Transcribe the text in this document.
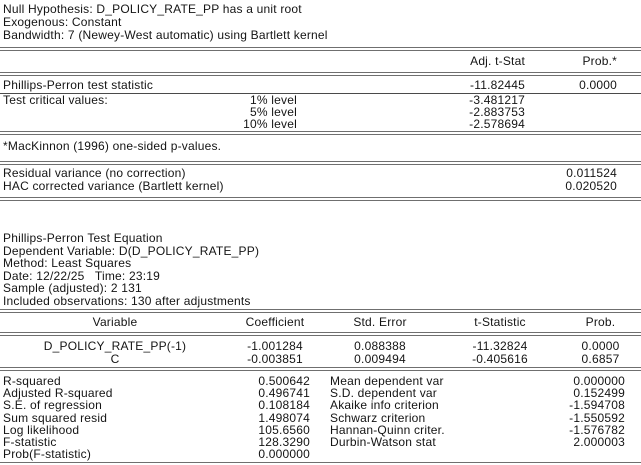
Null Hypothesis: D_POLICY_RATE_PP has a unit root
Exogenous: Constant
Bandwidth: 7 (Newey-West automatic) using Bartlett kernel
Adj. t-Stat	Prob.*
Phillips-Perron test statistic	-11.82445	0.0000
Test critical values:	1% level	-3.481217
5% level	-2.883753
10% level	-2.578694
*MacKinnon (1996) one-sided p-values.
Residual variance (no correction)	0.011524
HAC corrected variance (Bartlett kernel)	0.020520
Phillips-Perron Test Equation
Dependent Variable: D(D_POLICY_RATE_PP)
Method: Least Squares
Date: 12/22/25   Time: 23:19
Sample (adjusted): 2 131
Included observations: 130 after adjustments
Variable	Coefficient	Std. Error	t-Statistic	Prob.
D_POLICY_RATE_PP(-1)	-1.001284	0.088388	-11.32824	0.0000
C	-0.003851	0.009494	-0.405616	0.6857
R-squared	0.500642	Mean dependent var	0.000000
Adjusted R-squared	0.496741	S.D. dependent var	0.152499
S.E. of regression	0.108184	Akaike info criterion	-1.594708
Sum squared resid	1.498074	Schwarz criterion	-1.550592
Log likelihood	105.6560	Hannan-Quinn criter.	-1.576782
F-statistic	128.3290	Durbin-Watson stat	2.000003
Prob(F-statistic)	0.000000
